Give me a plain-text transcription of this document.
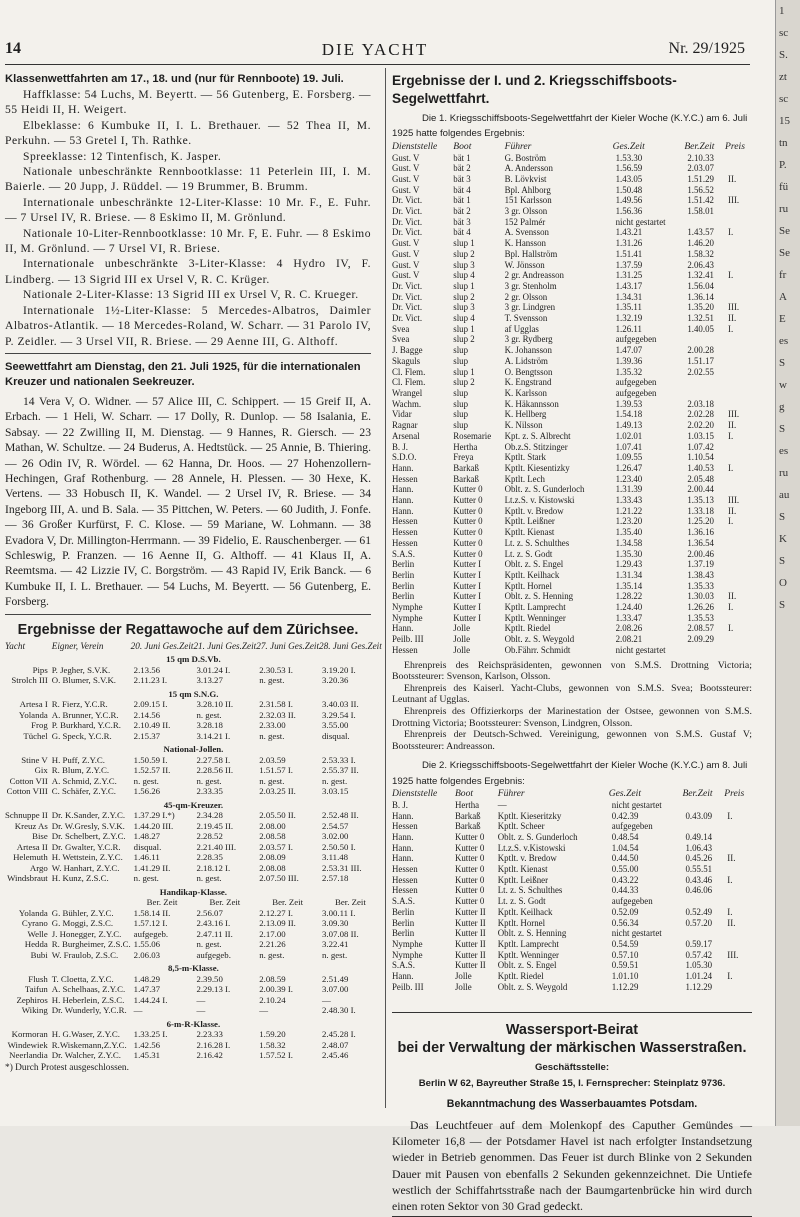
14	DIE YACHT	Nr. 29/1925
Klassenwettfahrten am 17., 18. und (nur für Rennboote) 19. Juli.

Haffklasse: 54 Luchs, M. Beyertt. — 56 Gutenberg, E. Forsberg. — 55 Heidi II, H. Weigert.

Elbeklasse: 6 Kumbuke II, I. L. Brethauer. — 52 Thea II, M. Perkuhn. — 53 Gretel I, Th. Rathke.

Spreeklasse: 12 Tintenfisch, K. Jasper.

Nationale unbeschränkte Rennbootklasse: 11 Peterlein III, I. M. Baierle. — 20 Jupp, J. Rüddel. — 19 Brummer, B. Brumm.

Internationale unbeschränkte 12-Liter-Klasse: 10 Mr. F., E. Fuhr. — 7 Ursel IV, R. Briese. — 8 Eskimo II, M. Grönlund.

Nationale 10-Liter-Rennbootklasse: 10 Mr. F, E. Fuhr. — 8 Eskimo II, M. Grönlund. — 7 Ursel VI, R. Briese.

Internationale unbeschränkte 3-Liter-Klasse: 4 Hydro IV, F. Lindberg. — 13 Sigrid III ex Ursel V, R. C. Krüger.

Nationale 2-Liter-Klasse: 13 Sigrid III ex Ursel V, R. C. Krueger.

Internationale 1½-Liter-Klasse: 5 Mercedes-Albatros, Daimler Albatros-Atlantik. — 18 Mercedes-Roland, W. Scharr. — 31 Parolo IV, P. Zeidler. — 3 Ursel VII, R. Briese. — 29 Aenne III, G. Althoff.

Seewettfahrt am Dienstag, den 21. Juli 1925, für die internationalen Kreuzer und nationalen Seekreuzer.

14 Vera V, O. Widner. — 57 Alice III, C. Schippert. — 15 Greif II, A. Erbach. — 1 Heli, W. Scharr. — 17 Dolly, R. Dunlop. — 58 Isalania, E. Sabsay. — 22 Zwilling II, M. Dienstag. — 9 Hannes, R. Giersch. — 23 Mathan, W. Schultze. — 24 Buderus, A. Hedtstück. — 25 Annie, B. Thiering. — 26 Odin IV, R. Wördel. — 62 Hanna, Dr. Hoos. — 27 Hohenzollern-Hechingen, Graf Rothenburg. — 28 Annele, H. Plessen. — 30 Hexe, K. Vertens. — 33 Hobusch II, K. Wandel. — 2 Ursel IV, R. Briese. — 34 Ingeborg III, A. und B. Sala. — 35 Pittchen, W. Peters. — 60 Judith, J. Fonfe. — 36 Großer Kurfürst, F. C. Klose. — 59 Mariane, W. Lohmann. — 38 Evadora V, Dr. Millington-Herrmann. — 39 Fidelio, E. Rauschenberger. — 61 Schleswig, P. Franzen. — 16 Aenne II, G. Althoff. — 41 Klaus II, A. Reemtsma. — 42 Lizzie IV, C. Borgström. — 43 Rapid IV, Erik Banck. — 6 Kumbuke II, I. L. Brethauer. — 54 Luchs, M. Beyertt. — 56 Gutenberg, E. Forsberg.

Ergebnisse der Regattawoche auf dem Zürichsee.
Yacht	Eigner, Verein	20. Juni Ges.Zeit	21. Juni Ges.Zeit	27. Juni Ges.Zeit	28. Juni Ges.Zeit
15 qm D.S.Vb.					
Pips	P. Jegher, S.V.K.	2.13.56	3.01.24 I.	2.30.53 I.	3.19.20 I.
Strolch III	O. Blumer, S.V.K.	2.11.23 I.	3.13.27	n. gest.	3.20.36
15 qm S.N.G.					
Artesa I	R. Fierz, Y.C.R.	2.09.15 I.	3.28.10 II.	2.31.58 I.	3.40.03 II.
Yolanda	A. Brunner, Y.C.R.	2.14.56	n. gest.	2.32.03 II.	3.29.54 I.
Frog	P. Burkhard, Y.C.R.	2.10.49 II.	3.28.18	2.33.00	3.55.00
Tüchel	G. Speck, Y.C.R.	2.15.37	3.14.21 I.	n. gest.	disqual.
National-Jollen.					
Stine V	H. Puff, Z.Y.C.	1.50.59 I.	2.27.58 I.	2.03.59	2.53.33 I.
Gix	R. Blum, Z.Y.C.	1.52.57 II.	2.28.56 II.	1.51.57 I.	2.55.37 II.
Cotton VII	A. Schmid, Z.Y.C.	n. gest.	n. gest.	n. gest.	n. gest.
Cotton VIII	C. Schäfer, Z.Y.C.	1.56.26	2.33.35	2.03.25 II.	3.03.15
45-qm-Kreuzer.					
Schnuppe II	Dr. K.Sander, Z.Y.C.	1.37.29 I.*)	2.34.28	2.05.50 II.	2.52.48 II.
Kreuz As	Dr. W.Gresly, S.V.K.	1.44.20 III.	2.19.45 II.	2.08.00	2.54.57
Bise	Dr. Schelbert, Z.Y.C.	1.48.27	2.28.52	2.08.58	3.02.00
Artesa II	Dr. Gwalter, Y.C.R.	disqual.	2.21.40 III.	2.03.57 I.	2.50.50 I.
Helemuth	H. Wettstein, Z.Y.C.	1.46.11	2.28.35	2.08.09	3.11.48
Argo	W. Hanhart, Z.Y.C.	1.41.29 II.	2.18.12 I.	2.08.08	2.53.31 III.
Windsbraut	H. Kunz, Z.S.C.	n. gest.	n. gest.	2.07.50 III.	2.57.18
Handikap-Klasse.					
		Ber. Zeit	Ber. Zeit	Ber. Zeit	Ber. Zeit
Yolanda	G. Bühler, Z.Y.C.	1.58.14 II.	2.56.07	2.12.27 I.	3.00.11 I.
Cyrano	G. Moggi, Z.S.C.	1.57.12 I.	2.43.16 I.	2.13.09 II.	3.09.30
Welle	J. Honegger, Z.Y.C.	aufgegeb.	2.47.11 II.	2.17.00	3.07.08 II.
Hedda	R. Burgheimer, Z.S.C.	1.55.06	n. gest.	2.21.26	3.22.41
Bubi	W. Fraulob, Z.S.C.	2.06.03	aufgegeb.	n. gest.	n. gest.
8,5-m-Klasse.					
Flush	T. Cloetta, Z.Y.C.	1.48.29	2.39.50	2.08.59	2.51.49
Taifun	A. Schelhaas, Z.Y.C.	1.47.37	2.29.13 I.	2.00.39 I.	3.07.00
Zephiros	H. Heberlein, Z.S.C.	1.44.24 I.	—	2.10.24	—
Wiking	Dr. Wunderly, Y.C.R.	—	—	—	2.48.30 I.
6-m-R-Klasse.					
Kormoran	H. G.Waser, Z.Y.C.	1.33.25 I.	2.23.33	1.59.20	2.45.28 I.
Windewiek	R.Wiskemann,Z.Y.C.	1.42.56	2.16.28 I.	1.58.32	2.48.07
Neerlandia	Dr. Walcher, Z.Y.C.	1.45.31	2.16.42	1.57.52 I.	2.45.46
*) Durch Protest ausgeschlossen.
Ergebnisse der I. und 2. Kriegsschiffsboots-Segelwettfahrt.
Die 1. Kriegsschiffsboots-Segelwettfahrt der Kieler Woche (K.Y.C.) am 6. Juli 1925 hatte folgendes Ergebnis:
Dienststelle	Boot	Führer	Ges.Zeit	Ber.Zeit	Preis
Gust. V	bät 1	G. Boström	1.53.30	2.10.33	
Gust. V	bät 2	A. Andersson	1.56.59	2.03.07	
Gust. V	bät 3	B. Lövkvist	1.43.05	1.51.29	II.
Gust. V	bät 4	Bpl. Ahlborg	1.50.48	1.56.52	
Dr. Vict.	bät 1	151 Karlsson	1.49.56	1.51.42	III.
Dr. Vict.	bät 2	3 gr. Olsson	1.56.36	1.58.01	
Dr. Vict.	bät 3	152 Palmér	nicht gestartet		
Dr. Vict.	bät 4	A. Svensson	1.43.21	1.43.57	I.
Gust. V	slup 1	K. Hansson	1.31.26	1.46.20	
Gust. V	slup 2	Bpl. Hallström	1.51.41	1.58.32	
Gust. V	slup 3	W. Jönsson	1.37.59	2.06.43	
Gust. V	slup 4	2 gr. Andreasson	1.31.25	1.32.41	I.
Dr. Vict.	slup 1	3 gr. Stenholm	1.43.17	1.56.04	
Dr. Vict.	slup 2	2 gr. Olsson	1.34.31	1.36.14	
Dr. Vict.	slup 3	3 gr. Lindgren	1.35.11	1.35.20	III.
Dr. Vict.	slup 4	T. Svensson	1.32.19	1.32.51	II.
Svea	slup 1	af Ugglas	1.26.11	1.40.05	I.
Svea	slup 2	3 gr. Rydberg	aufgegeben		
J. Bagge	slup	K. Johansson	1.47.07	2.00.28	
Skaguls	slup	A. Lidström	1.39.36	1.51.17	
Cl. Flem.	slup 1	O. Bengtsson	1.35.32	2.02.55	
Cl. Flem.	slup 2	K. Engstrand	aufgegeben		
Wrangel	slup	K. Karlsson	aufgegeben		
Wachm.	slup	K. Häkannsson	1.39.53	2.03.18	
Vidar	slup	K. Hellberg	1.54.18	2.02.28	III.
Ragnar	slup	K. Nilsson	1.49.13	2.02.20	II.
Arsenal	Rosemarie	Kpt. z. S. Albrecht	1.02.01	1.03.15	I.
B. J.	Hertha	Ob.z.S. Stitzinger	1.07.41	1.07.42	
S.D.O.	Freya	Kptlt. Stark	1.09.55	1.10.54	
Hann.	Barkaß	Kptlt. Kiesentizky	1.26.47	1.40.53	I.
Hessen	Barkaß	Kptlt. Lech	1.23.40	2.05.48	
Hann.	Kutter 0	Oblt. z. S. Gunderloch	1.31.39	2.00.44	
Hann.	Kutter 0	Lt.z.S. v. Kistowski	1.33.43	1.35.13	III.
Hann.	Kutter 0	Kptlt. v. Bredow	1.21.22	1.33.18	II.
Hessen	Kutter 0	Kptlt. Leißner	1.23.20	1.25.20	I.
Hessen	Kutter 0	Kptlt. Kienast	1.35.40	1.36.16	
Hessen	Kutter 0	Lt. z. S. Schulthes	1.34.58	1.36.54	
S.A.S.	Kutter 0	Lt. z. S. Godt	1.35.30	2.00.46	
Berlin	Kutter I	Oblt. z. S. Engel	1.29.43	1.37.19	
Berlin	Kutter I	Kptlt. Keilhack	1.31.34	1.38.43	
Berlin	Kutter I	Kptlt. Hornel	1.35.14	1.35.33	
Berlin	Kutter I	Oblt. z. S. Henning	1.28.22	1.30.03	II.
Nymphe	Kutter I	Kptlt. Lamprecht	1.24.40	1.26.26	I.
Nymphe	Kutter I	Kptlt. Wenninger	1.33.47	1.35.53	
Hann.	Jolle	Kptlt. Riedel	2.08.26	2.08.57	I.
Peilb. III	Jolle	Oblt. z. S. Weygold	2.08.21	2.09.29	
Hessen	Jolle	Ob.Fährr. Schmidt	nicht gestartet		
Ehrenpreis des Reichspräsidenten, gewonnen von S.M.S. Drottning Victoria; Bootssteurer: Svenson, Karlson, Olsson.
Ehrenpreis des Kaiserl. Yacht-Clubs, gewonnen von S.M.S. Svea; Bootssteurer: Leutnant af Ugglas.
Ehrenpreis des Offizierkorps der Marinestation der Ostsee, gewonnen von S.M.S. Drottning Victoria; Bootssteurer: Svenson, Lindgren, Olsson.
Ehrenpreis der Deutsch-Schwed. Vereinigung, gewonnen von S.M.S. Gustaf V; Bootssteurer: Andreasson.
Die 2. Kriegsschiffsboots-Segelwettfahrt der Kieler Woche (K.Y.C.) am 8. Juli 1925 hatte folgendes Ergebnis:
Dienststelle	Boot	Führer	Ges.Zeit	Ber.Zeit	Preis
B. J.	Hertha	—	nicht gestartet		
Hann.	Barkaß	Kptlt. Kieseritzky	0.42.39	0.43.09	I.
Hessen	Barkaß	Kptlt. Scheer	aufgegeben		
Hann.	Kutter 0	Oblt. z. S. Gunderloch	0.48.54	0.49.14	
Hann.	Kutter 0	Lt.z.S. v.Kistowski	1.04.54	1.06.43	
Hann.	Kutter 0	Kptlt. v. Bredow	0.44.50	0.45.26	II.
Hessen	Kutter 0	Kptlt. Kienast	0.55.00	0.55.51	
Hessen	Kutter 0	Kptlt. Leißner	0.43.22	0.43.46	I.
Hessen	Kutter 0	Lt. z. S. Schulthes	0.44.33	0.46.06	
S.A.S.	Kutter 0	Lt. z. S. Godt	aufgegeben		
Berlin	Kutter II	Kptlt. Keilhack	0.52.09	0.52.49	I.
Berlin	Kutter II	Kptlt. Hornel	0.56.34	0.57.20	II.
Berlin	Kutter II	Oblt. z. S. Henning	nicht gestartet		
Nymphe	Kutter II	Kptlt. Lamprecht	0.54.59	0.59.17	
Nymphe	Kutter II	Kptlt. Wenninger	0.57.10	0.57.42	III.
S.A.S.	Kutter II	Oblt. z. S. Engel	0.59.51	1.05.30	
Hann.	Jolle	Kptlt. Riedel	1.01.10	1.01.24	I.
Peilb. III	Jolle	Oblt. z. S. Weygold	1.12.29	1.12.29	
Wassersport-Beirat
bei der Verwaltung der märkischen Wasserstraßen.
Geschäftsstelle:
Berlin W 62, Bayreuther Straße 15, I. Fernsprecher: Steinplatz 9736.
Bekanntmachung des Wasserbauamtes Potsdam.

Das Leuchtfeuer auf dem Molenkopf des Caputher Gemündes — Kilometer 16,8 — der Potsdamer Havel ist nach erfolgter Instandsetzung wieder in Betrieb genommen. Das Feuer ist durch Blinke von 2 Sekunden Dauer mit Pausen von ebenfalls 2 Sekunden gekennzeichnet. Die Untiefe westlich der Schiffahrtsstraße nach der Baumgartenbrücke hin wird durch einen roten Sektor von 30 Grad gedeckt.

1
sc
S.
zt
sc
15
tn
P.
fü
ru
Se
Se
fr
A
E
es
S
w
g
S
es
ru
au
S
K
S
O
S
